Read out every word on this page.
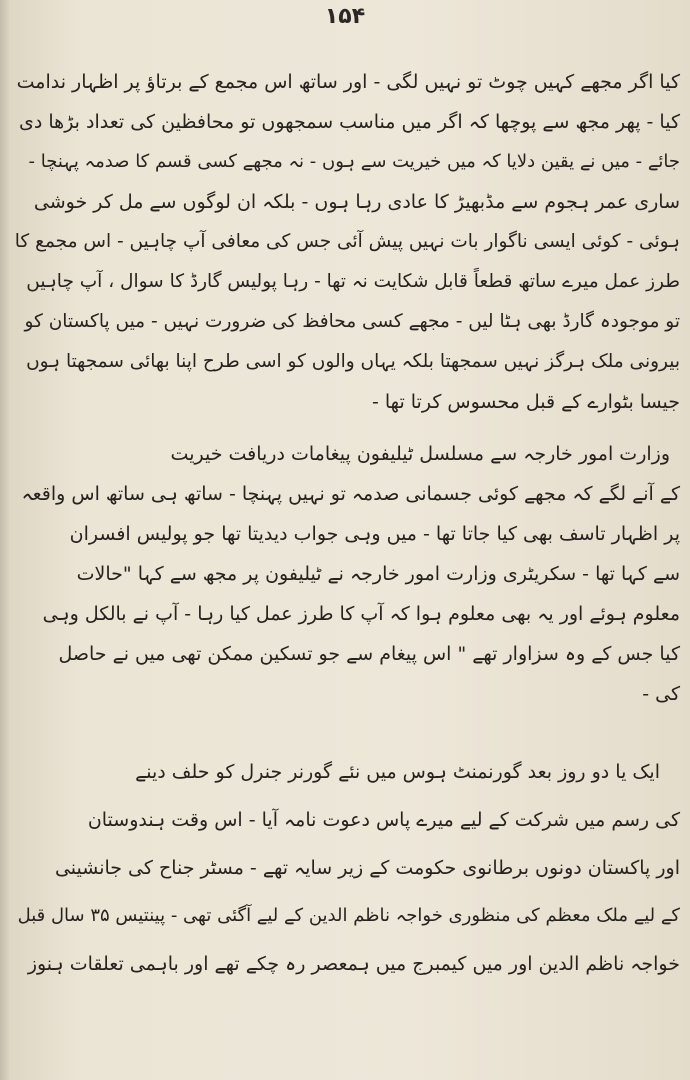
۱۵۴
کیا اگر مجھے کہیں چوٹ تو نہیں لگی - اور ساتھ اس مجمع کے برتاؤ پر اظہار ندامت
کیا - پھر مجھ سے پوچھا کہ اگر میں مناسب سمجھوں تو محافظین کی تعداد بڑھا دی
جائے - میں نے یقین دلایا کہ میں خیریت سے ہوں - نہ مجھے کسی قسم کا صدمہ پہنچا -
ساری عمر ہجوم سے مڈبھیڑ کا عادی رہا ہوں - بلکہ ان لوگوں سے مل کر خوشی
ہوئی - کوئی ایسی ناگوار بات نہیں پیش آئی جس کی معافی آپ چاہیں - اس مجمع کا
طرز عمل میرے ساتھ قطعاً قابل شکایت نہ تھا - رہا پولیس گارڈ کا سوال ، آپ چاہیں
تو موجودہ گارڈ بھی ہٹا لیں - مجھے کسی محافظ کی ضرورت نہیں - میں پاکستان کو
بیرونی ملک ہرگز نہیں سمجھتا بلکہ یہاں والوں کو اسی طرح اپنا بھائی سمجھتا ہوں
جیسا بٹوارے کے قبل محسوس کرتا تھا -
وزارت امور خارجہ سے مسلسل ٹیلیفون پیغامات دریافت خیریت
کے آنے لگے کہ مجھے کوئی جسمانی صدمہ تو نہیں پہنچا - ساتھ ہی ساتھ اس واقعہ
پر اظہار تاسف بھی کیا جاتا تھا - میں وہی جواب دیدیتا تھا جو پولیس افسران
سے کہا تھا - سکریٹری وزارت امور خارجہ نے ٹیلیفون پر مجھ سے کہا "حالات
معلوم ہوئے اور یہ بھی معلوم ہوا کہ آپ کا طرز عمل کیا رہا - آپ نے بالکل وہی
کیا جس کے وہ سزاوار تھے " اس پیغام سے جو تسکین ممکن تھی میں نے حاصل
کی -
ایک یا دو روز بعد گورنمنٹ ہوس میں نئے گورنر جنرل کو حلف دینے
کی رسم میں شرکت کے لیے میرے پاس دعوت نامہ آیا - اس وقت ہندوستان
اور پاکستان دونوں برطانوی حکومت کے زیر سایہ تھے - مسٹر جناح کی جانشینی
کے لیے ملک معظم کی منظوری خواجہ ناظم الدین کے لیے آگئی تھی - پینتیس ۳۵ سال قبل
خواجہ ناظم الدین اور میں کیمبرج میں ہمعصر رہ چکے تھے اور باہمی تعلقات ہنوز
